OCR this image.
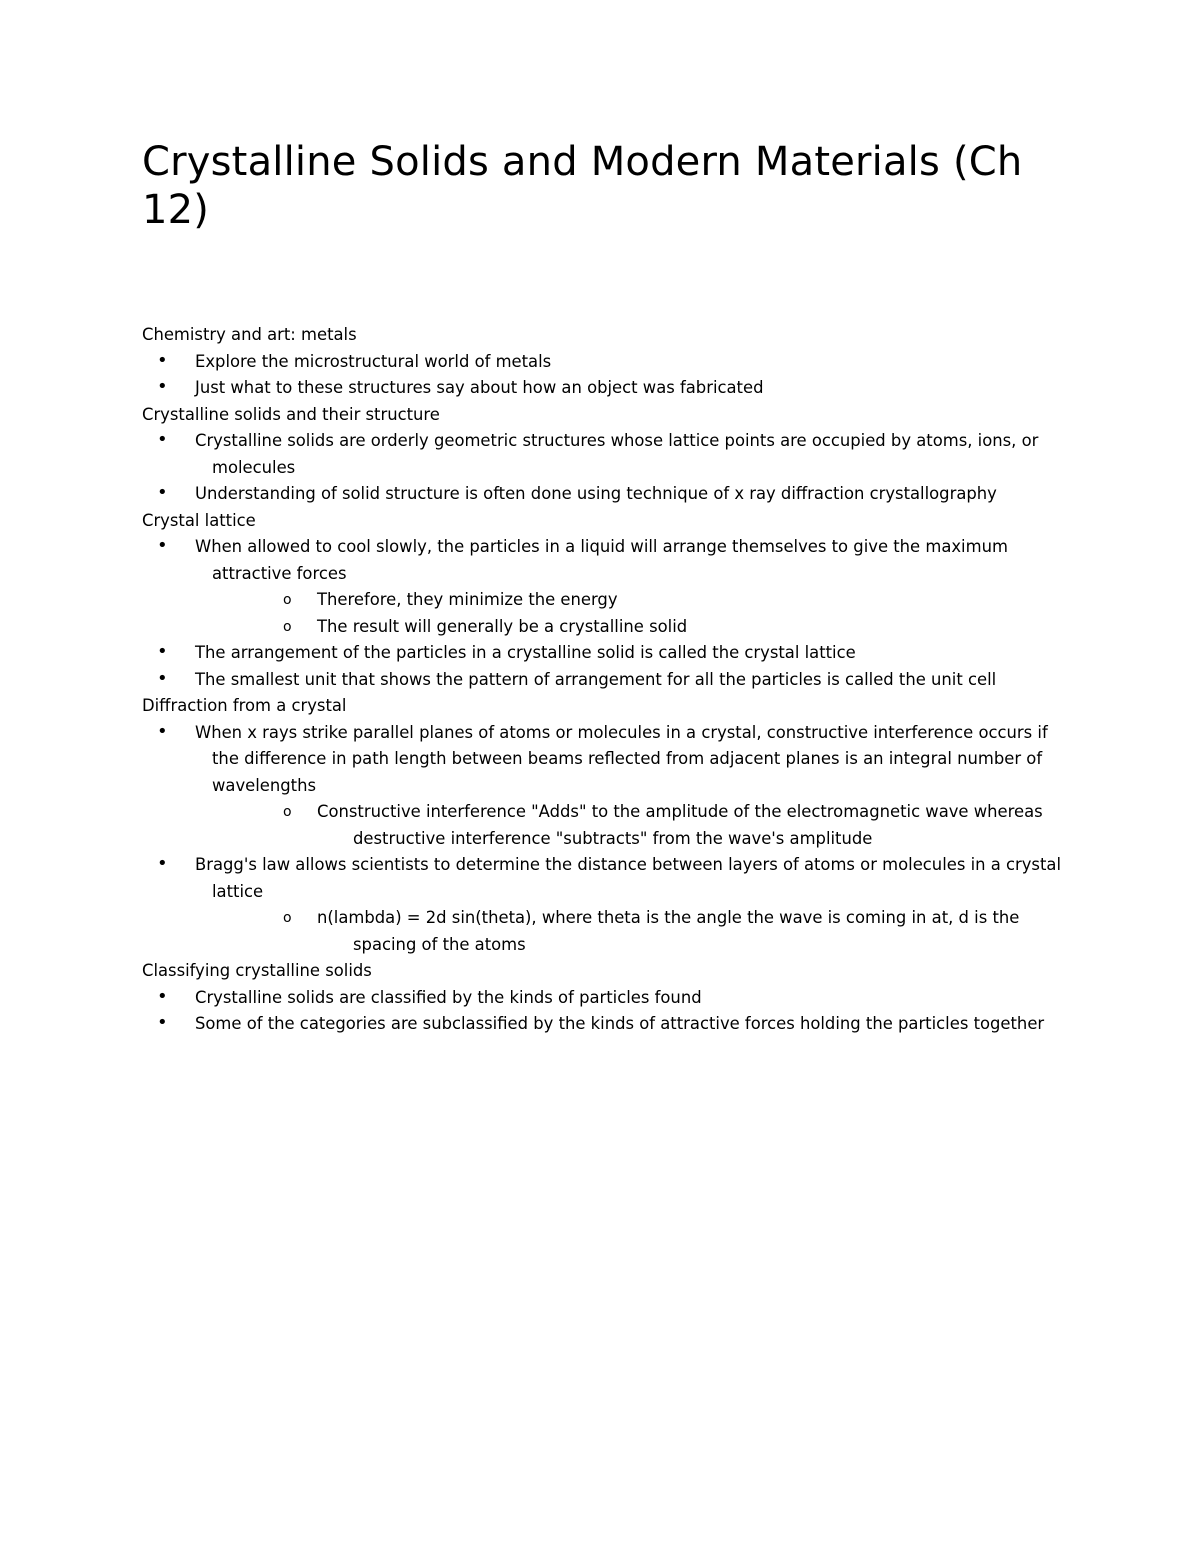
Crystalline Solids and Modern Materials (Ch 12)
Chemistry and art: metals
• Explore the microstructural world of metals
• Just what to these structures say about how an object was fabricated
Crystalline solids and their structure
• Crystalline solids are orderly geometric structures whose lattice points are occupied by atoms, ions, or molecules
• Understanding of solid structure is often done using technique of x ray diffraction crystallography
Crystal lattice
• When allowed to cool slowly, the particles in a liquid will arrange themselves to give the maximum attractive forces
o Therefore, they minimize the energy
o The result will generally be a crystalline solid
• The arrangement of the particles in a crystalline solid is called the crystal lattice
• The smallest unit that shows the pattern of arrangement for all the particles is called the unit cell
Diffraction from a crystal
• When x rays strike parallel planes of atoms or molecules in a crystal, constructive interference occurs if the difference in path length between beams reflected from adjacent planes is an integral number of wavelengths
o Constructive interference "Adds" to the amplitude of the electromagnetic wave whereas destructive interference "subtracts" from the wave's amplitude
• Bragg's law allows scientists to determine the distance between layers of atoms or molecules in a crystal lattice
o n(lambda) = 2d sin(theta), where theta is the angle the wave is coming in at, d is the spacing of the atoms
Classifying crystalline solids
• Crystalline solids are classified by the kinds of particles found
• Some of the categories are subclassified by the kinds of attractive forces holding the particles together
